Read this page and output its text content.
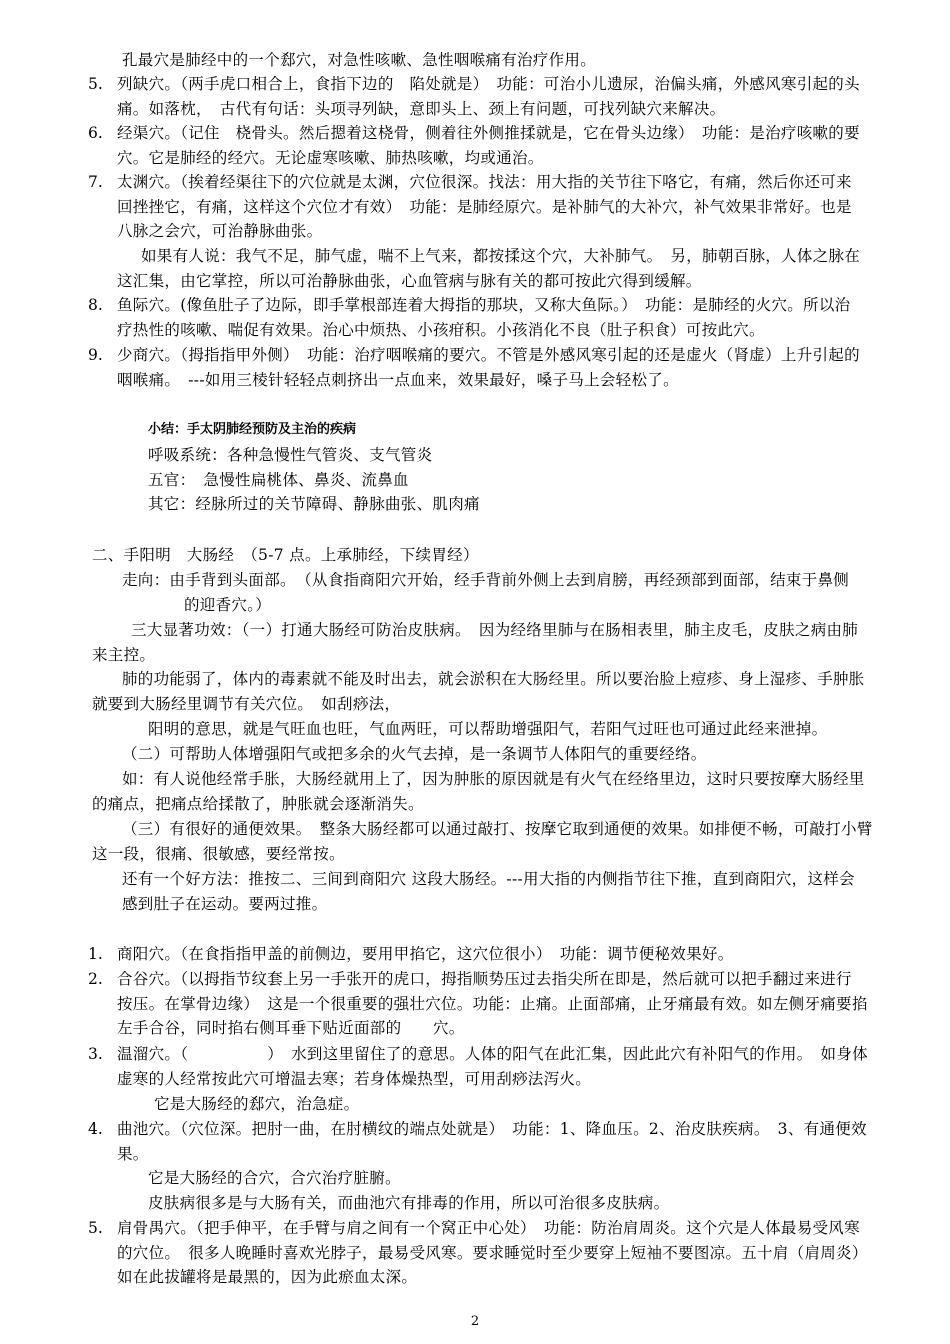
孔最穴是肺经中的一个郄穴，对急性咳嗽、急性咽喉痛有治疗作用。
列缺穴。（两手虎口相合上，食指下边的　陷处就是）　功能：可治小儿遗尿，治偏头痛，外感风寒引起的头
痛。如落枕，　古代有句话：头项寻列缺，意即头上、颈上有问题，可找列缺穴来解决。
5.
经渠穴。（记住　桡骨头。然后摁着这桡骨，侧着往外侧推揉就是，它在骨头边缘）　功能：是治疗咳嗽的要
穴。它是肺经的经穴。无论虚寒咳嗽、肺热咳嗽，均或通治。
6.
太渊穴。（挨着经渠往下的穴位就是太渊，穴位很深。找法：用大指的关节往下咯它，有痛，然后你还可来
回挫挫它，有痛，这样这个穴位才有效）　功能：是肺经原穴。是补肺气的大补穴，补气效果非常好。也是
八脉之会穴，可治静脉曲张。
7.
如果有人说：我气不足，肺气虚，喘不上气来，都按揉这个穴，大补肺气。　另，肺朝百脉，人体之脉在
这汇集，由它掌控，所以可治静脉曲张，心血管病与脉有关的都可按此穴得到缓解。
鱼际穴。(像鱼肚子了边际，即手掌根部连着大拇指的那块，又称大鱼际。）　功能：是肺经的火穴。所以治
疗热性的咳嗽、喘促有效果。治心中烦热、小孩疳积。小孩消化不良（肚子积食）可按此穴。
8.
少商穴。（拇指指甲外侧）　功能：治疗咽喉痛的要穴。不管是外感风寒引起的还是虚火（肾虚）上升引起的
咽喉痛。　---如用三棱针轻轻点刺挤出一点血来，效果最好，嗓子马上会轻松了。
9.
呼吸系统：各种急慢性气管炎、支气管炎
五官：　急慢性扁桃体、鼻炎、流鼻血
其它：经脉所过的关节障碍、静脉曲张、肌肉痛
二、手阳明　大肠经　（5-7 点。上承肺经，下续胃经）
走向：由手背到头面部。　（从食指商阳穴开始，经手背前外侧上去到肩膀，再经颈部到面部，结束于鼻侧
的迎香穴。）
三大显著功效：（一）打通大肠经可防治皮肤病。　因为经络里肺与在肠相表里，肺主皮毛，皮肤之病由肺
来主控。
肺的功能弱了，体内的毒素就不能及时出去，就会淤积在大肠经里。所以要治脸上痘疹、身上湿疹、手肿胀
就要到大肠经里调节有关穴位。　如刮痧法，
阳明的意思，就是气旺血也旺，气血两旺，可以帮助增强阳气，若阳气过旺也可通过此经来泄掉。
（二）可帮助人体增强阳气或把多余的火气去掉，是一条调节人体阳气的重要经络。
如：有人说他经常手胀，大肠经就用上了，因为肿胀的原因就是有火气在经络里边，这时只要按摩大肠经里
的痛点，把痛点给揉散了，肿胀就会逐渐消失。
（三）有很好的通便效果。　整条大肠经都可以通过敲打、按摩它取到通便的效果。如排便不畅，可敲打小臂
这一段，很痛、很敏感，要经常按。
还有一个好方法：推按二、三间到商阳穴 这段大肠经。---用大指的内侧指节往下推，直到商阳穴，这样会
感到肚子在运动。要两过推。
商阳穴。（在食指指甲盖的前侧边，要用甲掐它，这穴位很小）　功能：调节便秘效果好。
1.
合谷穴。（以拇指节纹套上另一手张开的虎口，拇指顺势压过去指尖所在即是，然后就可以把手翻过来进行
按压。在掌骨边缘）　这是一个很重要的强壮穴位。功能：止痛。止面部痛，止牙痛最有效。如左侧牙痛要掐
左手合谷，同时掐右侧耳垂下贴近面部的　　穴。
2.
温溜穴。（　　　　　）　水到这里留住了的意思。人体的阳气在此汇集，因此此穴有补阳气的作用。　如身体
虚寒的人经常按此穴可增温去寒；若身体燥热型，可用刮痧法泻火。
3.
它是大肠经的郄穴，治急症。
曲池穴。（穴位深。把肘一曲，在肘横纹的端点处就是）　功能：1、降血压。2、治皮肤疾病。　3、有通便效
果。
4.
它是大肠经的合穴，合穴治疗脏腑。
皮肤病很多是与大肠有关，而曲池穴有排毒的作用，所以可治很多皮肤病。
肩骨禺穴。（把手伸平，在手臂与肩之间有一个窝正中心处）　功能：防治肩周炎。这个穴是人体最易受风寒
的穴位。　很多人晚睡时喜欢光脖子，最易受风寒。要求睡觉时至少要穿上短袖不要图凉。五十肩（肩周炎）
如在此拔罐将是最黑的，因为此瘀血太深。
5.
小结：手太阴肺经预防及主治的疾病
2
